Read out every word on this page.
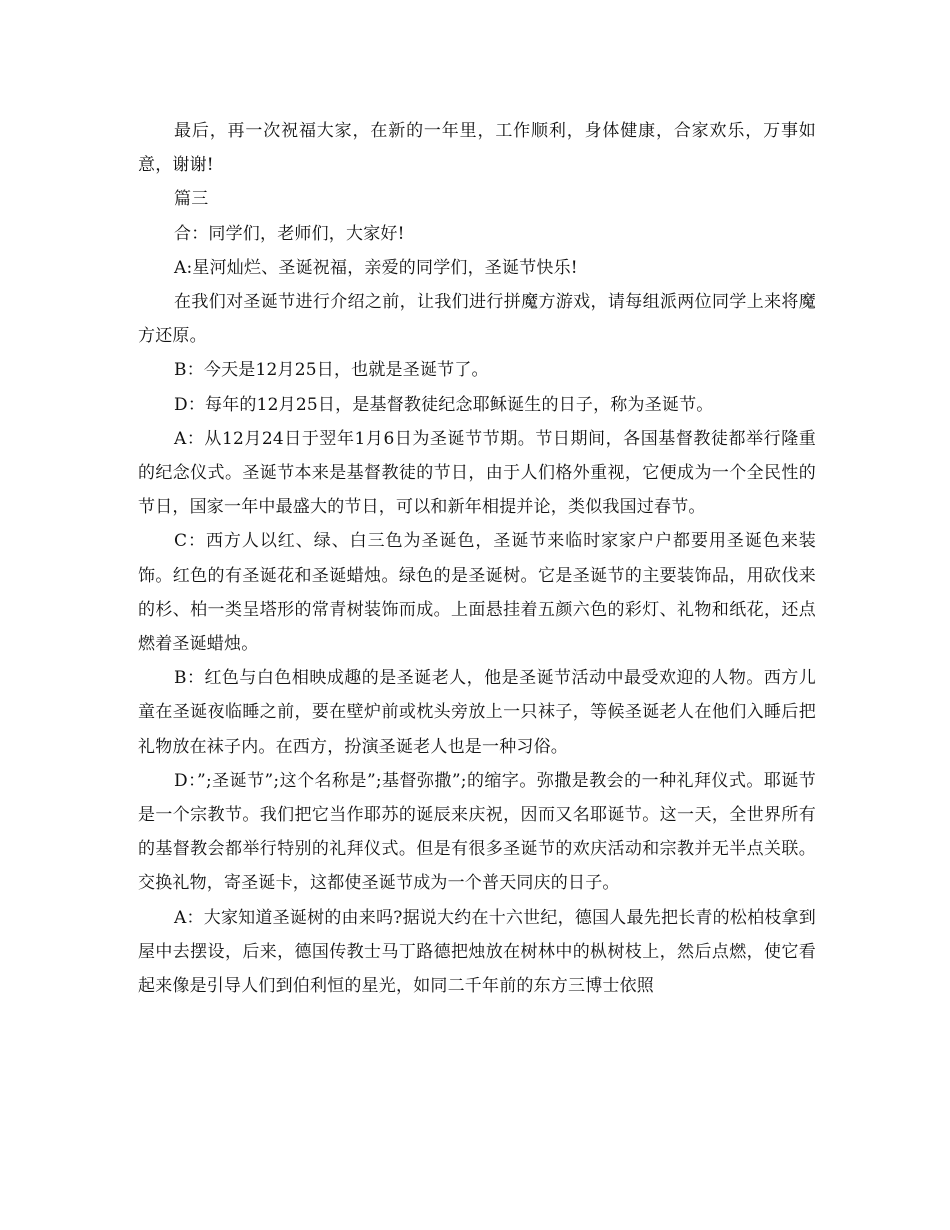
最后，再一次祝福大家，在新的一年里，工作顺利，身体健康，合家欢乐，万事如意，谢谢!

篇三

合：同学们，老师们，大家好!

A:星河灿烂、圣诞祝福，亲爱的同学们，圣诞节快乐!

在我们对圣诞节进行介绍之前，让我们进行拼魔方游戏，请每组派两位同学上来将魔方还原。

B：今天是12月25日，也就是圣诞节了。

D：每年的12月25日，是基督教徒纪念耶稣诞生的日子，称为圣诞节。

A：从12月24日于翌年1月6日为圣诞节节期。节日期间，各国基督教徒都举行隆重的纪念仪式。圣诞节本来是基督教徒的节日，由于人们格外重视，它便成为一个全民性的节日，国家一年中最盛大的节日，可以和新年相提并论，类似我国过春节。

C：西方人以红、绿、白三色为圣诞色，圣诞节来临时家家户户都要用圣诞色来装饰。红色的有圣诞花和圣诞蜡烛。绿色的是圣诞树。它是圣诞节的主要装饰品，用砍伐来的杉、柏一类呈塔形的常青树装饰而成。上面悬挂着五颜六色的彩灯、礼物和纸花，还点燃着圣诞蜡烛。

B：红色与白色相映成趣的是圣诞老人，他是圣诞节活动中最受欢迎的人物。西方儿童在圣诞夜临睡之前，要在壁炉前或枕头旁放上一只袜子，等候圣诞老人在他们入睡后把礼物放在袜子内。在西方，扮演圣诞老人也是一种习俗。

D：”;圣诞节”;这个名称是”;基督弥撒”;的缩字。弥撒是教会的一种礼拜仪式。耶诞节是一个宗教节。我们把它当作耶苏的诞辰来庆祝，因而又名耶诞节。这一天，全世界所有的基督教会都举行特别的礼拜仪式。但是有很多圣诞节的欢庆活动和宗教并无半点关联。交换礼物，寄圣诞卡，这都使圣诞节成为一个普天同庆的日子。

A：大家知道圣诞树的由来吗?据说大约在十六世纪，德国人最先把长青的松柏枝拿到屋中去摆设，后来，德国传教士马丁路德把烛放在树林中的枞树枝上，然后点燃，使它看起来像是引导人们到伯利恒的星光，如同二千年前的东方三博士依照
